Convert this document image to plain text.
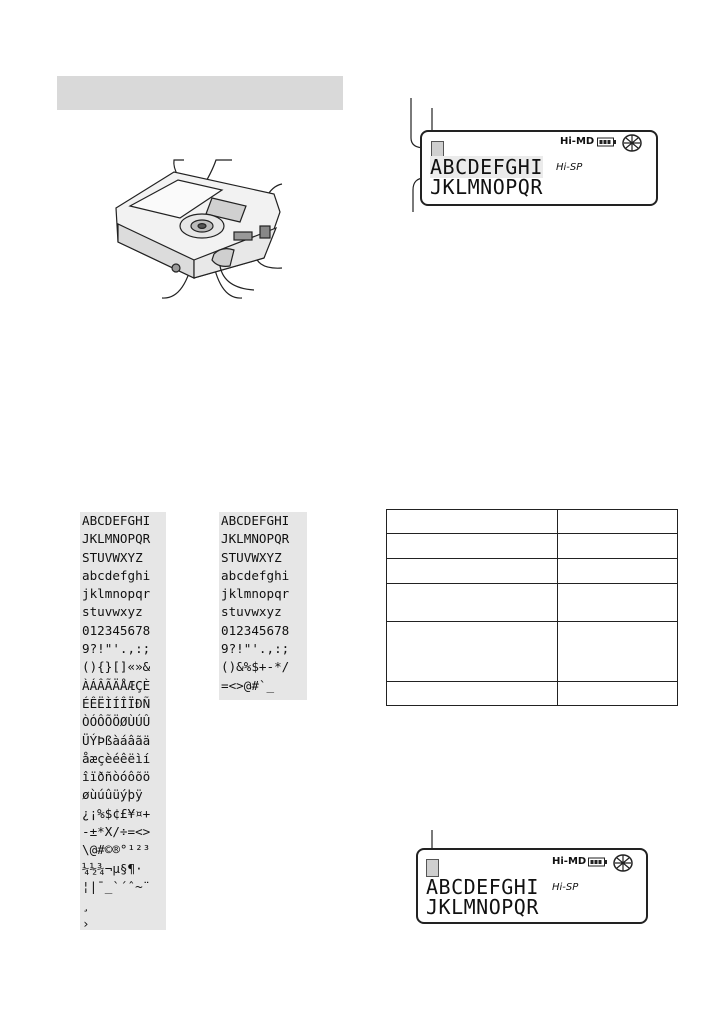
Hi-MD
ABCDEFGHI Hi-SP
JKLMNOPQR
ABCDEFGHI
JKLMNOPQR
STUVWXYZ
abcdefghi
jklmnopqr
stuvwxyz
012345678
9?!"'.,:;
(){}[]«»&
ÀÁÂÃÄÅÆÇÈ
ÉÊËÌÍÎÏĐÑ
ÒÓÔÕÖØÙÚÛ
ÜÝÞßàáâãä
åæçèéêëìí
îïðñòóôõö
øùúûüýþÿ
¿¡%$¢£¥¤+
-±*X/÷=<>
\@#©®°¹²³
¼½¾¬µ§¶·
¦|¯_`´ˆ~¨
¸
›
ABCDEFGHI
JKLMNOPQR
STUVWXYZ
abcdefghi
jklmnopqr
stuvwxyz
012345678
9?!"'.,:;
()&%$+-*/
=<>@#`_

Hi-MD
ABCDEFGHI Hi-SP
JKLMNOPQR
